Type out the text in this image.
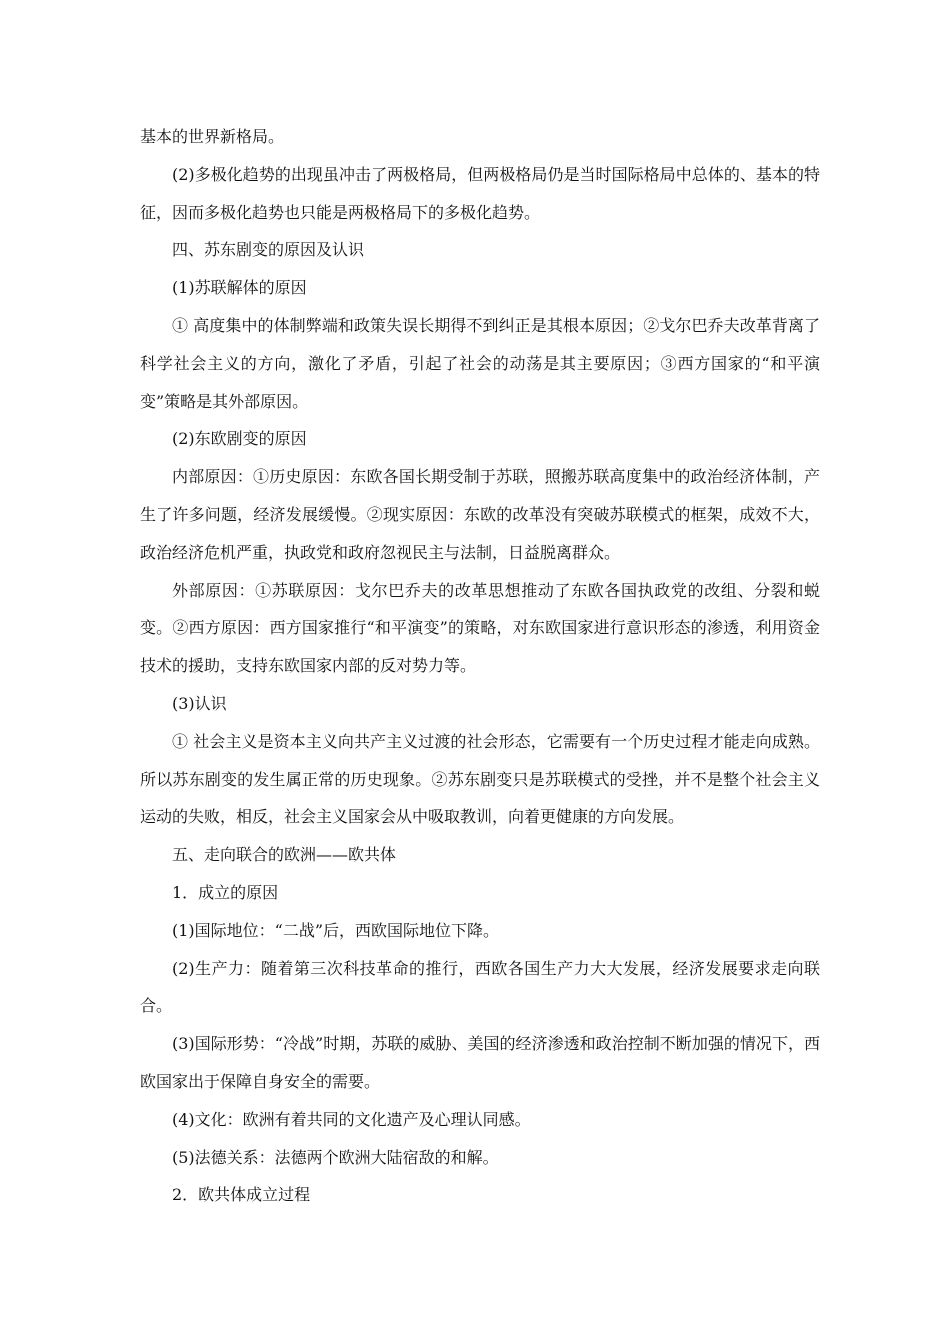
基本的世界新格局。

(2)多极化趋势的出现虽冲击了两极格局，但两极格局仍是当时国际格局中总体的、基本的特征，因而多极化趋势也只能是两极格局下的多极化趋势。

四、苏东剧变的原因及认识

(1)苏联解体的原因

① 高度集中的体制弊端和政策失误长期得不到纠正是其根本原因；②戈尔巴乔夫改革背离了科学社会主义的方向，激化了矛盾，引起了社会的动荡是其主要原因；③西方国家的“和平演变”策略是其外部原因。

(2)东欧剧变的原因

内部原因：①历史原因：东欧各国长期受制于苏联，照搬苏联高度集中的政治经济体制，产生了许多问题，经济发展缓慢。②现实原因：东欧的改革没有突破苏联模式的框架，成效不大，政治经济危机严重，执政党和政府忽视民主与法制，日益脱离群众。

外部原因：①苏联原因：戈尔巴乔夫的改革思想推动了东欧各国执政党的改组、分裂和蜕变。②西方原因：西方国家推行“和平演变”的策略，对东欧国家进行意识形态的渗透，利用资金技术的援助，支持东欧国家内部的反对势力等。

(3)认识

① 社会主义是资本主义向共产主义过渡的社会形态，它需要有一个历史过程才能走向成熟。所以苏东剧变的发生属正常的历史现象。②苏东剧变只是苏联模式的受挫，并不是整个社会主义运动的失败，相反，社会主义国家会从中吸取教训，向着更健康的方向发展。

五、走向联合的欧洲——欧共体

1．成立的原因

(1)国际地位：“二战”后，西欧国际地位下降。

(2)生产力：随着第三次科技革命的推行，西欧各国生产力大大发展，经济发展要求走向联合。

(3)国际形势：“冷战”时期，苏联的威胁、美国的经济渗透和政治控制不断加强的情况下，西欧国家出于保障自身安全的需要。

(4)文化：欧洲有着共同的文化遗产及心理认同感。

(5)法德关系：法德两个欧洲大陆宿敌的和解。

2．欧共体成立过程
